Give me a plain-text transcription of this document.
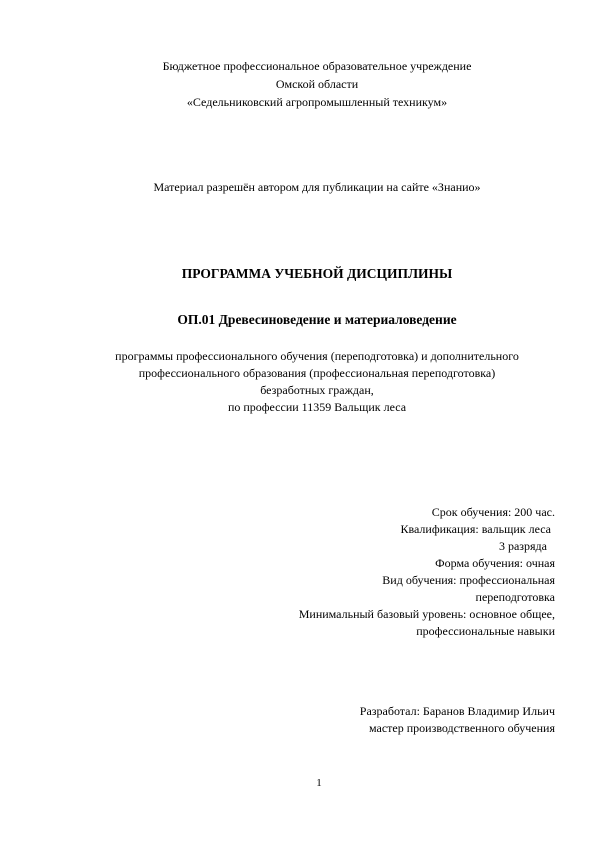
Бюджетное профессиональное образовательное учреждение
Омской области
«Седельниковский агропромышленный техникум»
Материал разрешён автором для публикации на сайте «Знанио»
ПРОГРАММА УЧЕБНОЙ ДИСЦИПЛИНЫ
ОП.01 Древесиноведение и материаловедение
программы профессионального обучения (переподготовка) и дополнительного
профессионального образования (профессиональная переподготовка)
безработных граждан,
по профессии 11359 Вальщик леса
Срок обучения: 200 час.
Квалификация: вальщик леса
3 разряда
Форма обучения: очная
Вид обучения: профессиональная
переподготовка
Минимальный базовый уровень: основное общее,
профессиональные навыки
Разработал: Баранов Владимир Ильич
мастер производственного обучения
1
